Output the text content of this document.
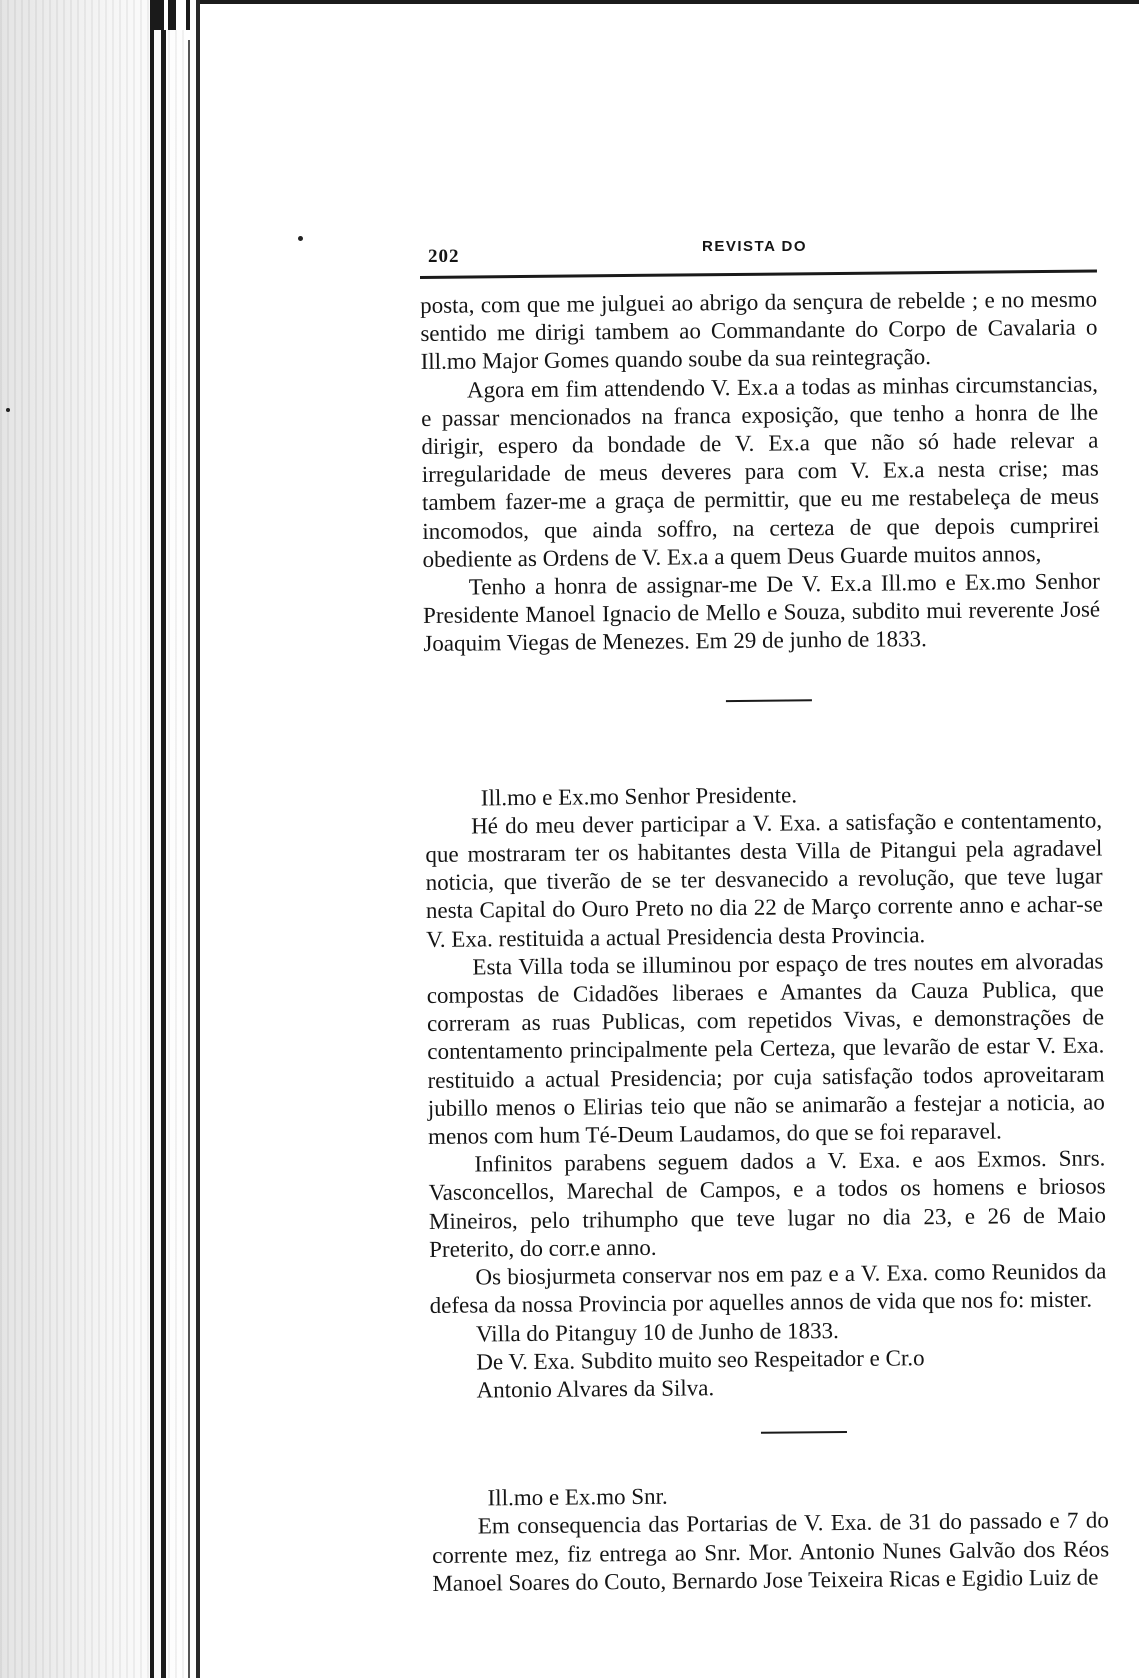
202	REVISTA DO

posta, com que me julguei ao abrigo da sençura de rebelde ; e no mesmo sentido me dirigi tambem ao Commandante do Corpo de Cavalaria o Ill.mo Major Gomes quando soube da sua reintegração.

Agora em fim attendendo V. Ex.a a todas as minhas circumstancias, e passar mencionados na franca exposição, que tenho a honra de lhe dirigir, espero da bondade de V. Ex.a que não só hade relevar a irregularidade de meus deveres para com V. Ex.a nesta crise; mas tambem fazer-me a graça de permittir, que eu me restabeleça de meus incomodos, que ainda soffro, na certeza de que depois cumprirei obediente as Ordens de V. Ex.a a quem Deus Guarde muitos annos,

Tenho a honra de assignar-me De V. Ex.a Ill.mo e Ex.mo Senhor Presidente Manoel Ignacio de Mello e Souza, subdito mui reverente José Joaquim Viegas de Menezes. Em 29 de junho de 1833.

Ill.mo e Ex.mo Senhor Presidente.

Hé do meu dever participar a V. Exa. a satisfação e contentamento, que mostraram ter os habitantes desta Villa de Pitangui pela agradavel noticia, que tiverão de se ter desvanecido a revolução, que teve lugar nesta Capital do Ouro Preto no dia 22 de Março corrente anno e achar-se V. Exa. restituida a actual Presidencia desta Provincia.

Esta Villa toda se illuminou por espaço de tres noutes em alvoradas compostas de Cidadões liberaes e Amantes da Cauza Publica, que correram as ruas Publicas, com repetidos Vivas, e demonstrações de contentamento principalmente pela Certeza, que levarão de estar V. Exa. restituido a actual Presidencia; por cuja satisfação todos aproveitaram jubillo menos o Elirias teio que não se animarão a festejar a noticia, ao menos com hum Té-Deum Laudamos, do que se foi reparavel.

Infinitos parabens seguem dados a V. Exa. e aos Exmos. Snrs. Vasconcellos, Marechal de Campos, e a todos os homens e briosos Mineiros, pelo trihumpho que teve lugar no dia 23, e 26 de Maio Preterito, do corr.e anno.

Os biosjurmeta conservar nos em paz e a V. Exa. como Reunidos da defesa da nossa Provincia por aquelles annos de vida que nos fo: mister.

Villa do Pitanguy 10 de Junho de 1833.

De V. Exa. Subdito muito seo Respeitador e Cr.o

Antonio Alvares da Silva.

Ill.mo e Ex.mo Snr.

Em consequencia das Portarias de V. Exa. de 31 do passado e 7 do corrente mez, fiz entrega ao Snr. Mor. Antonio Nunes Galvão dos Réos Manoel Soares do Couto, Bernardo Jose Teixeira Ricas e Egidio Luiz de
